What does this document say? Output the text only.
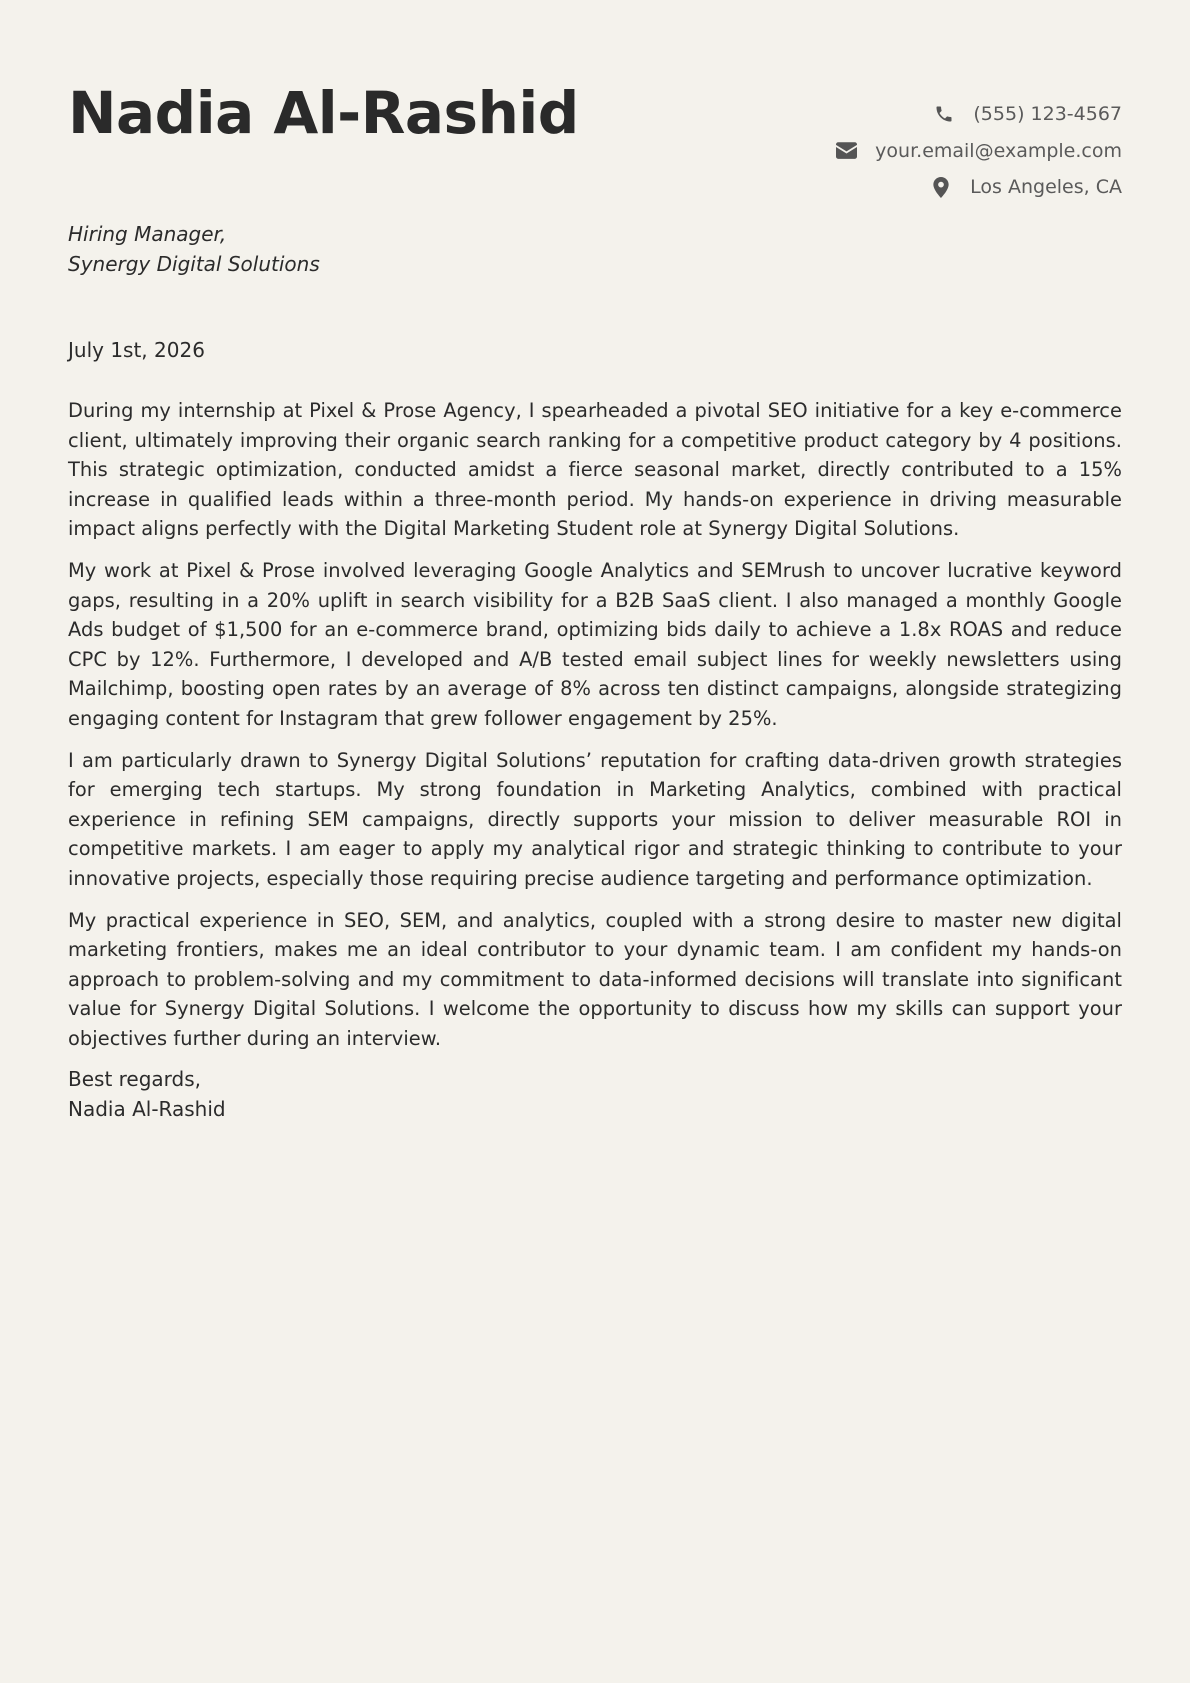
Nadia Al-Rashid	(555) 123-4567
your.email@example.com
Los Angeles, CA
Hiring Manager,
Synergy Digital Solutions
July 1st, 2026

During my internship at Pixel & Prose Agency, I spearheaded a pivotal SEO initiative for a key e-commerce client, ultimately improving their organic search ranking for a competitive product category by 4 positions. This strategic optimization, conducted amidst a fierce seasonal market, directly contributed to a 15% increase in qualified leads within a three-month period. My hands-on experience in driving measurable impact aligns perfectly with the Digital Marketing Student role at Synergy Digital Solutions.

My work at Pixel & Prose involved leveraging Google Analytics and SEMrush to uncover lucrative keyword gaps, resulting in a 20% uplift in search visibility for a B2B SaaS client. I also managed a monthly Google Ads budget of $1,500 for an e-commerce brand, optimizing bids daily to achieve a 1.8x ROAS and reduce CPC by 12%. Furthermore, I developed and A/B tested email subject lines for weekly newsletters using Mailchimp, boosting open rates by an average of 8% across ten distinct campaigns, alongside strategizing engaging content for Instagram that grew follower engagement by 25%.

I am particularly drawn to Synergy Digital Solutions’ reputation for crafting data-driven growth strategies for emerging tech startups. My strong foundation in Marketing Analytics, combined with practical experience in refining SEM campaigns, directly supports your mission to deliver measurable ROI in competitive markets. I am eager to apply my analytical rigor and strategic thinking to contribute to your innovative projects, especially those requiring precise audience targeting and performance optimization.

My practical experience in SEO, SEM, and analytics, coupled with a strong desire to master new digital marketing frontiers, makes me an ideal contributor to your dynamic team. I am confident my hands-on approach to problem-solving and my commitment to data-informed decisions will translate into significant value for Synergy Digital Solutions. I welcome the opportunity to discuss how my skills can support your objectives further during an interview.

Best regards,
Nadia Al-Rashid
